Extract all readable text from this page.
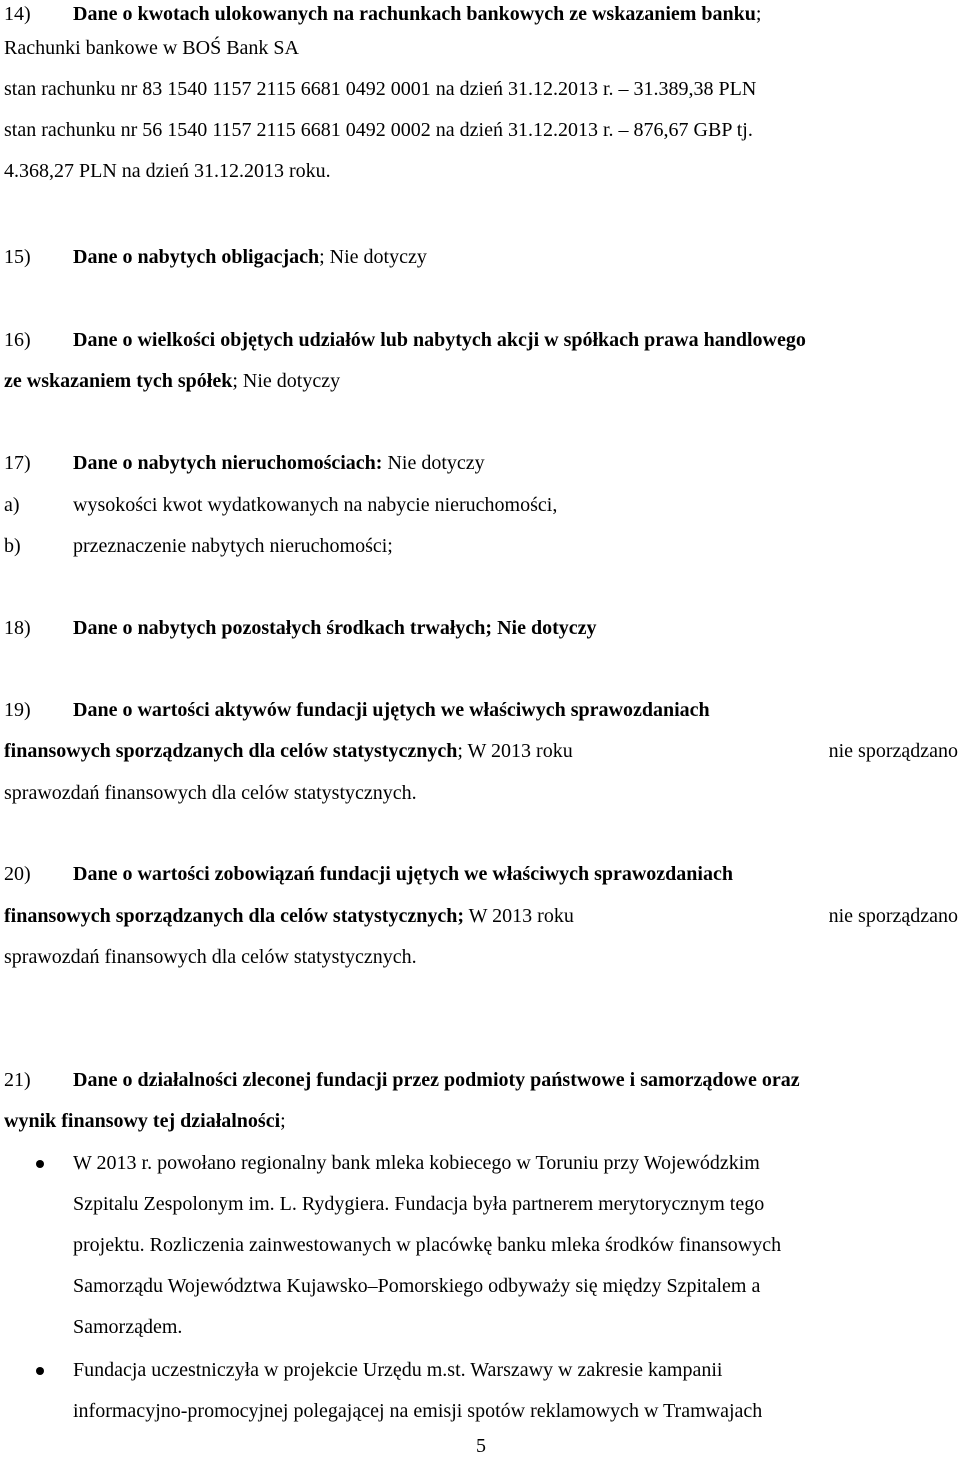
14) Dane o kwotach ulokowanych na rachunkach bankowych ze wskazaniem banku;
Rachunki bankowe w BOŚ Bank SA
stan rachunku nr 83 1540 1157 2115 6681 0492 0001 na dzień 31.12.2013 r. – 31.389,38 PLN
stan rachunku nr 56 1540 1157 2115 6681 0492 0002 na dzień 31.12.2013 r. – 876,67 GBP tj.
4.368,27 PLN na dzień 31.12.2013 roku.
15) Dane o nabytych obligacjach; Nie dotyczy
16) Dane o wielkości objętych udziałów lub nabytych akcji w spółkach prawa handlowego
ze wskazaniem tych spółek; Nie dotyczy
17) Dane o nabytych nieruchomościach: Nie dotyczy
a)	wysokości kwot wydatkowanych na nabycie nieruchomości,
b)	przeznaczenie nabytych nieruchomości;
18) Dane o nabytych pozostałych środkach trwałych; Nie dotyczy
19) Dane o wartości aktywów fundacji ujętych we właściwych sprawozdaniach
finansowych sporządzanych dla celów statystycznych; W 2013 roku	nie sporządzano
sprawozdań finansowych dla celów statystycznych.
20) Dane o wartości zobowiązań fundacji ujętych we właściwych sprawozdaniach
finansowych sporządzanych dla celów statystycznych; W 2013 roku	nie sporządzano
sprawozdań finansowych dla celów statystycznych.
21) Dane o działalności zleconej fundacji przez podmioty państwowe i samorządowe oraz
wynik finansowy tej działalności;
W 2013 r. powołano regionalny bank mleka kobiecego w Toruniu przy Wojewódzkim
Szpitalu Zespolonym im. L. Rydygiera. Fundacja była partnerem merytorycznym tego
projektu. Rozliczenia zainwestowanych w placówkę banku mleka środków finansowych
Samorządu Województwa Kujawsko–Pomorskiego odbyważy się między Szpitalem a
Samorządem.
Fundacja uczestniczyła w projekcie Urzędu m.st. Warszawy w zakresie kampanii
informacyjno-promocyjnej polegającej na emisji spotów reklamowych w Tramwajach
5
